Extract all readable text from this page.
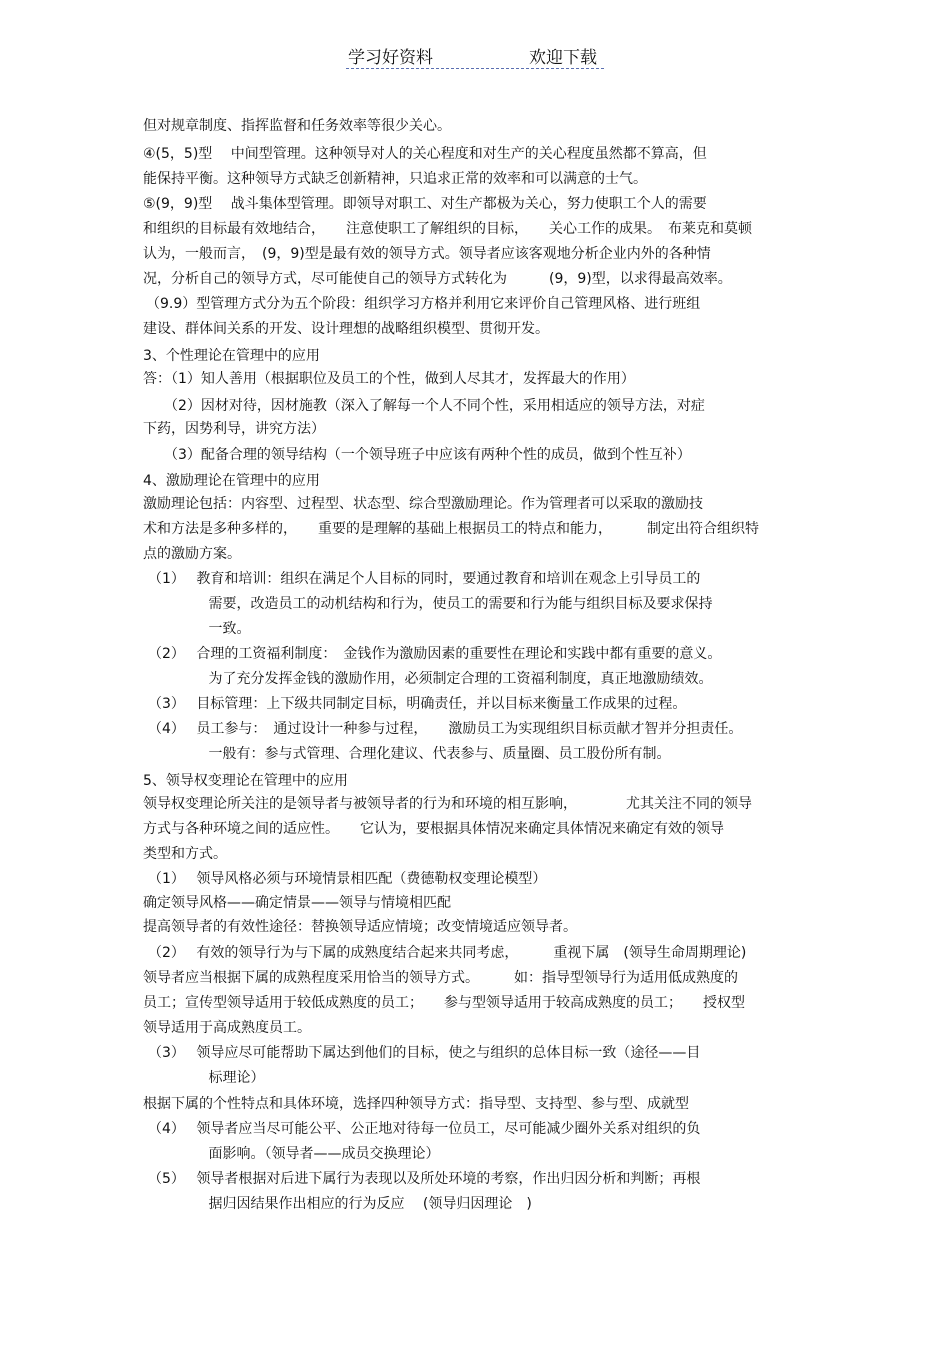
学习好资料	欢迎下载
但对规章制度、指挥监督和任务效率等很少关心。
④(5，5)型　 中间型管理。这种领导对人的关心程度和对生产的关心程度虽然都不算高，但
能保持平衡。这种领导方式缺乏创新精神，只追求正常的效率和可以满意的士气。
⑤(9，9)型　 战斗集体型管理。即领导对职工、对生产都极为关心，努力使职工个人的需要
和组织的目标最有效地结合，　　注意使职工了解组织的目标，　　关心工作的成果。　布莱克和莫顿
认为，一般而言，　(9，9)型是最有效的领导方式。领导者应该客观地分析企业内外的各种情
况，分析自己的领导方式，尽可能使自己的领导方式转化为　　　(9，9)型，以求得最高效率。
（9.9）型管理方式分为五个阶段：组织学习方格并利用它来评价自己管理风格、进行班组
建设、群体间关系的开发、设计理想的战略组织模型、贯彻开发。
3、个性理论在管理中的应用
答：（1）知人善用（根据职位及员工的个性，做到人尽其才，发挥最大的作用）
　　（2）因材对待，因材施教（深入了解每一个人不同个性，采用相适应的领导方法，对症
下药，因势利导，讲究方法）
　　（3）配备合理的领导结构（一个领导班子中应该有两种个性的成员，做到个性互补）
4、激励理论在管理中的应用
激励理论包括：内容型、过程型、状态型、综合型激励理论。作为管理者可以采取的激励技
术和方法是多种多样的，　　重要的是理解的基础上根据员工的特点和能力，　　　制定出符合组织特
点的激励方案。
（1）　 教育和培训：组织在满足个人目标的同时，要通过教育和培训在观念上引导员工的
　　　　 需要，改造员工的动机结构和行为，使员工的需要和行为能与组织目标及要求保持
　　　　 一致。
（2）　 合理的工资福利制度：　金钱作为激励因素的重要性在理论和实践中都有重要的意义。
　　　　 为了充分发挥金钱的激励作用，必须制定合理的工资福利制度，真正地激励绩效。
（3）　 目标管理：上下级共同制定目标，明确责任，并以目标来衡量工作成果的过程。
（4）　 员工参与：　通过设计一种参与过程，　　激励员工为实现组织目标贡献才智并分担责任。
　　　　 一般有：参与式管理、合理化建议、代表参与、质量圈、员工股份所有制。
5、领导权变理论在管理中的应用
领导权变理论所关注的是领导者与被领导者的行为和环境的相互影响，　　　　尤其关注不同的领导
方式与各种环境之间的适应性。　　它认为，要根据具体情况来确定具体情况来确定有效的领导
类型和方式。
（1）　 领导风格必须与环境情景相匹配（费德勒权变理论模型）
确定领导风格——确定情景——领导与情境相匹配
提高领导者的有效性途径：替换领导适应情境；改变情境适应领导者。
（2）　 有效的领导行为与下属的成熟度结合起来共同考虑，　　　重视下属　(领导生命周期理论)
领导者应当根据下属的成熟程度采用恰当的领导方式。　　　如：指导型领导行为适用低成熟度的
员工；宣传型领导适用于较低成熟度的员工；　　参与型领导适用于较高成熟度的员工；　　授权型
领导适用于高成熟度员工。
（3）　 领导应尽可能帮助下属达到他们的目标，使之与组织的总体目标一致（途径——目
　　　　 标理论）
根据下属的个性特点和具体环境，选择四种领导方式：指导型、支持型、参与型、成就型
（4）　 领导者应当尽可能公平、公正地对待每一位员工，尽可能减少圈外关系对组织的负
　　　　 面影响。（领导者——成员交换理论）
（5）　 领导者根据对后进下属行为表现以及所处环境的考察，作出归因分析和判断；再根
　　　　 据归因结果作出相应的行为反应　 (领导归因理论　)
